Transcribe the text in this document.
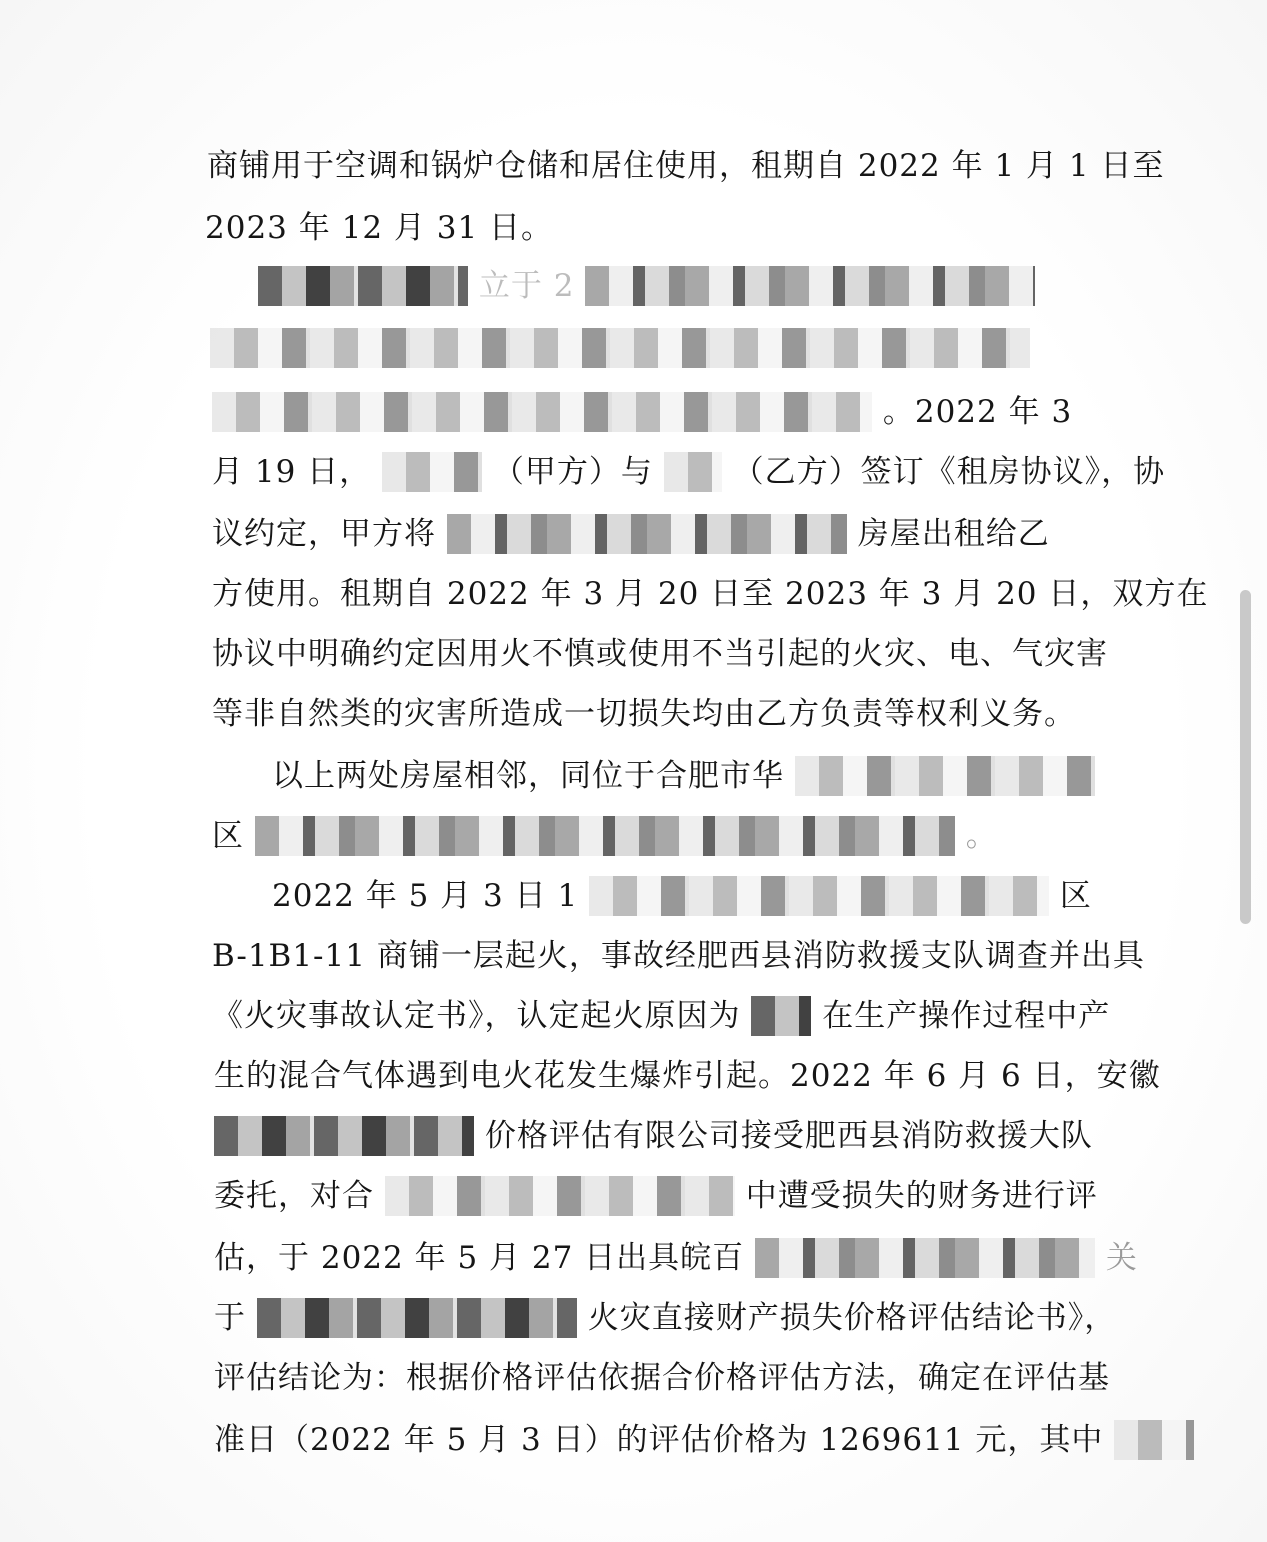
商铺用于空调和锅炉仓储和居住使用，租期自 2022 年 1 月 1 日至
2023 年 12 月 31 日。
立于 2
。2022 年 3
月 19 日，	（甲方）与	（乙方）签订《租房协议》，协
议约定，甲方将	房屋出租给乙
方使用。租期自 2022 年 3 月 20 日至 2023 年 3 月 20 日，双方在
协议中明确约定因用火不慎或使用不当引起的火灾、电、气灾害
等非自然类的灾害所造成一切损失均由乙方负责等权利义务。
以上两处房屋相邻，同位于合肥市华
区	。
2022 年 5 月 3 日 1	区
B-1B1-11 商铺一层起火，事故经肥西县消防救援支队调查并出具
《火灾事故认定书》，认定起火原因为	在生产操作过程中产
生的混合气体遇到电火花发生爆炸引起。2022 年 6 月 6 日，安徽
价格评估有限公司接受肥西县消防救援大队
委托，对合	中遭受损失的财务进行评
估，于 2022 年 5 月 27 日出具皖百	关
于	火灾直接财产损失价格评估结论书》，
评估结论为：根据价格评估依据合价格评估方法，确定在评估基
准日（2022 年 5 月 3 日）的评估价格为 1269611 元，其中
